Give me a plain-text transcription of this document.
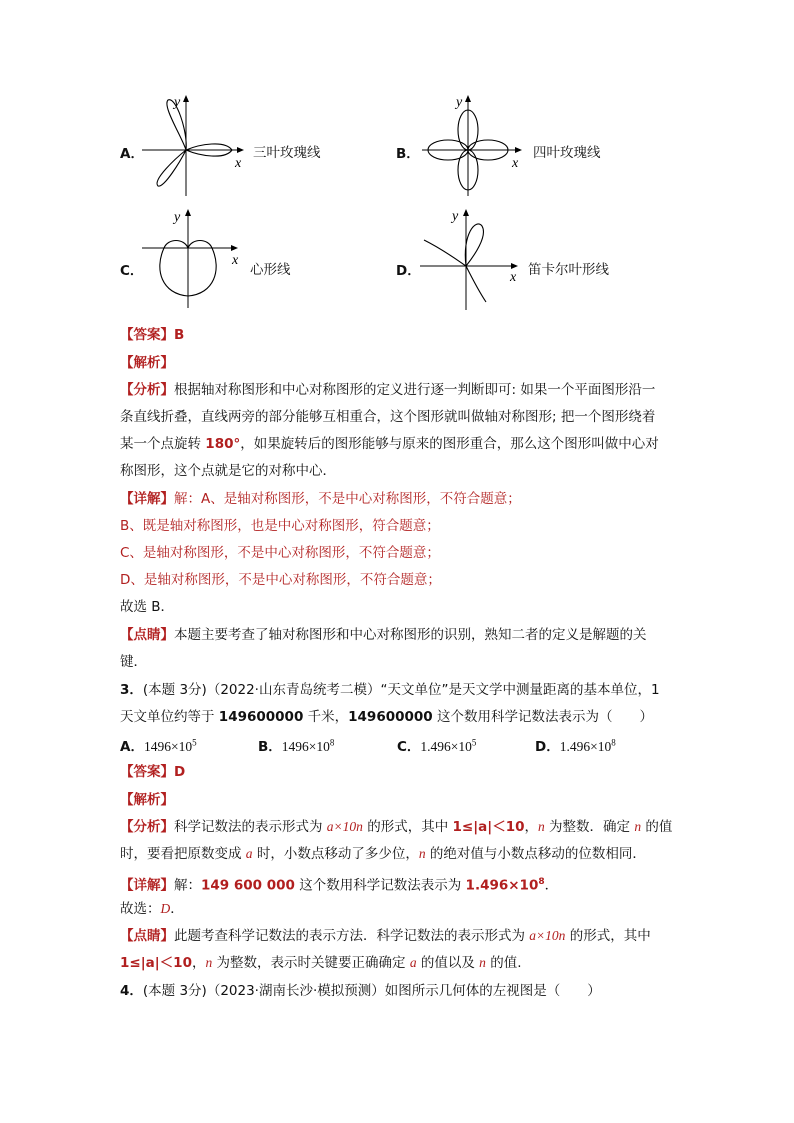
A．
y
x
三叶玫瑰线	B．
y
x
四叶玫瑰线
C．
y
x
心形线	D．
y
x 笛卡尔叶形线
【答案】B
【解析】
【分析】根据轴对称图形和中心对称图形的定义进行逐一判断即可: 如果一个平面图形沿一
条直线折叠，直线两旁的部分能够互相重合，这个图形就叫做轴对称图形; 把一个图形绕着
某一个点旋转 180°，如果旋转后的图形能够与原来的图形重合，那么这个图形叫做中心对
称图形，这个点就是它的对称中心．
【详解】解：A、是轴对称图形，不是中心对称图形，不符合题意；
B、既是轴对称图形，也是中心对称图形，符合题意；
C、是轴对称图形，不是中心对称图形，不符合题意；
D、是轴对称图形，不是中心对称图形，不符合题意；
故选 B．
【点睛】本题主要考查了轴对称图形和中心对称图形的识别，熟知二者的定义是解题的关
键．
3．(本题 3分)（2022·山东青岛统考二模）“天文单位”是天文学中测量距离的基本单位，1
天文单位约等于 149600000 千米，149600000 这个数用科学记数法表示为（　　）
A．$1496\times 10^5$	B．$1496\times 10^8$	C．$1.496\times 10^5$	D．$1.496\times 10^8$
【答案】D
【解析】
【分析】科学记数法的表示形式为 a×10n 的形式，其中 1≤|a|＜10，n 为整数．确定 n 的值
时，要看把原数变成 a 时，小数点移动了多少位，n 的绝对值与小数点移动的位数相同．
【详解】解：149 600 000 这个数用科学记数法表示为 $1.496\times 10^8$．
故选：D．
【点睛】此题考查科学记数法的表示方法．科学记数法的表示形式为 a×10n 的形式，其中
1≤|a|＜10，n 为整数，表示时关键要正确确定 a 的值以及 n 的值.
4．(本题 3分)（2023·湖南长沙·模拟预测）如图所示几何体的左视图是（　　）
